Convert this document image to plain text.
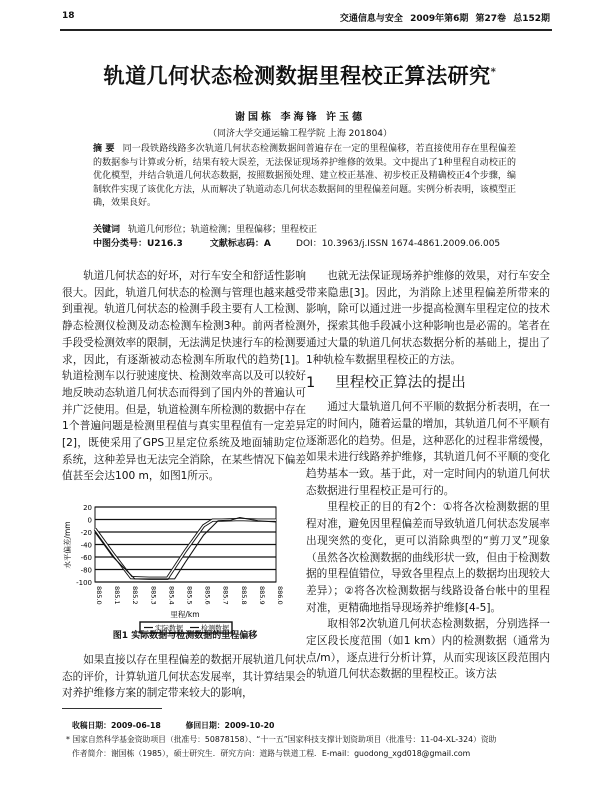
18	交通信息与安全 2009年第6期 第27卷 总152期
轨道几何状态检测数据里程校正算法研究*
谢国栋 李海锋 许玉德
（同济大学交通运输工程学院 上海 201804）
摘 要 同一段铁路线路多次轨道几何状态检测数据间普遍存在一定的里程偏移，若直接使用存在里程偏差的数据参与计算或分析，结果有较大误差，无法保证现场养护维修的效果。文中提出了1种里程自动校正的优化模型，并结合轨道几何状态数据，按照数据预处理、建立校正基准、初步校正及精确校正4个步骤，编制软件实现了该优化方法，从而解决了轨道动态几何状态数据间的里程偏差问题。实例分析表明，该模型正确，效果良好。
关键词 轨道几何形位；轨道检测；里程偏移；里程校正
中图分类号：U216.3	文献标志码：A	DOI：10.3963/j.ISSN 1674-4861.2009.06.005

轨道几何状态的好坏，对行车安全和舒适性影响很大。因此，轨道几何状态的检测与管理也越来越受到重视。轨道几何状态的检测手段主要有人工检测、静态检测仪检测及动态检测车检测3种。前两者检测手段受检测效率的限制，无法满足快速行车的检测要求，因此，有逐渐被动态检测车所取代的趋势[1]。轨道检测车以行驶速度快、检测效率高以及可以较好地反映动态轨道几何状态而得到了国内外的普遍认可并广泛使用。但是，轨道检测车所检测的数据中存在1个普遍问题是检测里程值与真实里程值有一定差异[2]，既使采用了GPS卫星定位系统及地面辅助定位系统，这种差异也无法完全消除，在某些情况下偏差值甚至会达100 m，如图1所示。

20
0
-20
-40
-60
-80
-100
885.0 885.1 885.2 885.3 885.4 885.5 885.6 885.7 885.8 885.9 886.0
里程/km
水平偏差/mm
实际数据	检测数据
图1 实际数据与检测数据的里程偏移

如果直接以存在里程偏差的数据开展轨道几何状态的评价，计算轨道几何状态发展率，其计算结果会对养护维修方案的制定带来较大的影响，

收稿日期：2009-06-18	修回日期：2009-10-20
* 国家自然科学基金资助项目（批准号：50878158）、“十一五”国家科技支撑计划资助项目（批准号：11-04-XL-324）资助
作者简介：谢国栋（1985），硕士研究生．研究方向：道路与铁道工程．E-mail：guodong_xgd018@gmail.com

也就无法保证现场养护维修的效果，对行车安全带来隐患[3]。因此，为消除上述里程偏差所带来的影响，除可以通过进一步提高检测车里程定位的技术外，探索其他手段减小这种影响也是必需的。笔者在通过大量的轨道几何状态数据分析的基础上，提出了1种轨检车数据里程校正的方法。

1 里程校正算法的提出

通过大量轨道几何不平顺的数据分析表明，在一定的时间内，随着运量的增加，其轨道几何不平顺有逐渐恶化的趋势。但是，这种恶化的过程非常缓慢，如果未进行线路养护维修，其轨道几何不平顺的变化趋势基本一致。基于此，对一定时间内的轨道几何状态数据进行里程校正是可行的。

里程校正的目的有2个：①将各次检测数据的里程对准，避免因里程偏差而导致轨道几何状态发展率出现突然的变化，更可以消除典型的“剪刀叉”现象（虽然各次检测数据的曲线形状一致，但由于检测数据的里程值错位，导致各里程点上的数据均出现较大差异）；②将各次检测数据与线路设备台帐中的里程对准，更精确地指导现场养护维修[4-5]。

取相邻2次轨道几何状态检测数据，分别选择一定区段长度范围（如1 km）内的检测数据（通常为点/m），逐点进行分析计算，从而实现该区段范围内的轨道几何状态数据的里程校正。该方法
